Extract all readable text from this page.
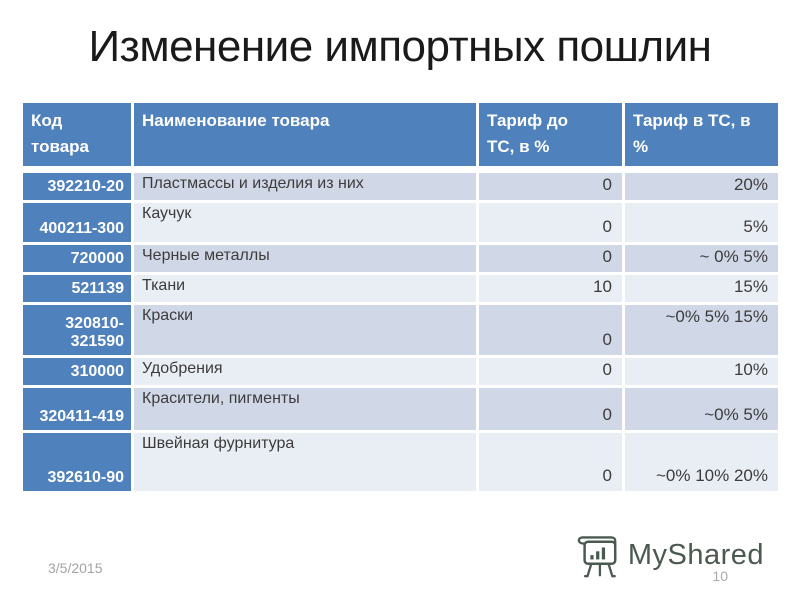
Изменение импортных пошлин
Код товара	Наименование товара	Тариф до ТС, в %	Тариф в ТС, в %
392210-20	Пластмассы и изделия из них	0	20%
400211-300	Каучук	0	5%
720000	Черные металлы	0	~ 0% 5%
521139	Ткани	10	15%
320810-321590	Краски	0	~0% 5% 15%
310000	Удобрения	0	10%
320411-419	Красители, пигменты	0	~0% 5%
392610-90	Швейная фурнитура	0	~0% 10% 20%
3/5/2015	MyShared
10
